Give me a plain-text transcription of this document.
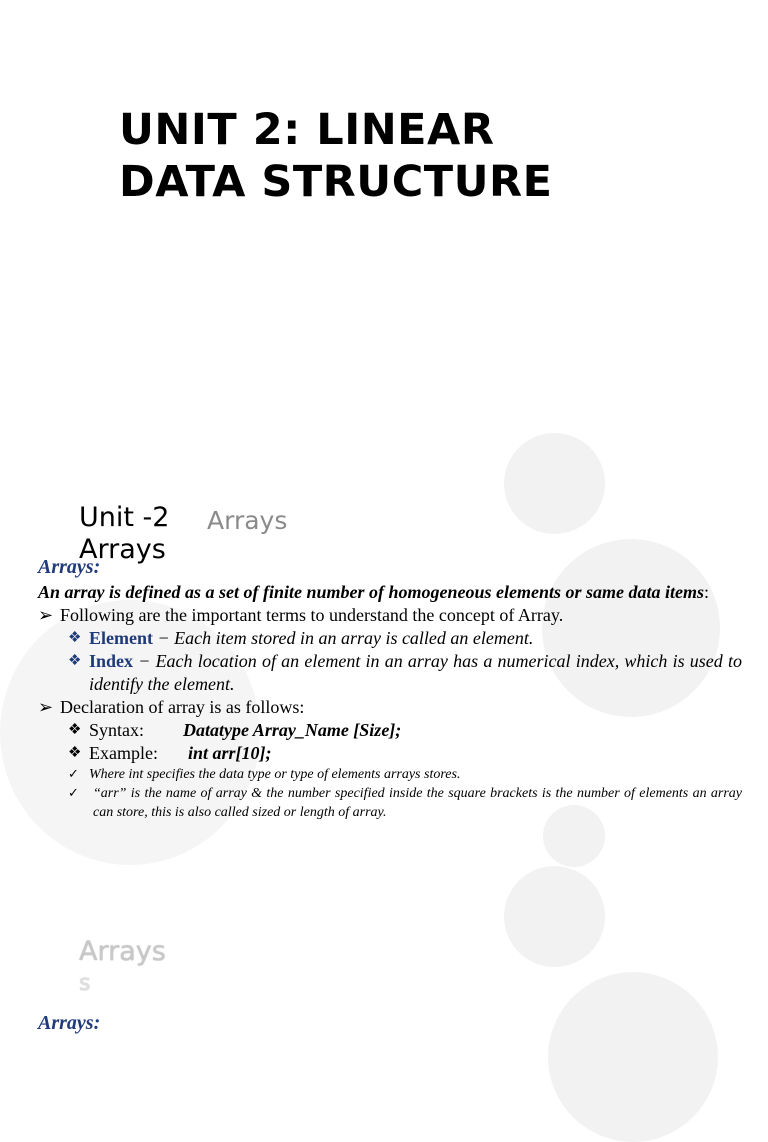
UNIT 2: LINEAR
DATA STRUCTURE
Arrays
Unit -2
Arrays

Arrays:

An array is defined as a set of finite number of homogeneous elements or same data items:

➢ Following are the important terms to understand the concept of Array.

❖ Element − Each item stored in an array is called an element.

❖ Index − Each location of an element in an array has a numerical index, which is used to identify the element.

➢ Declaration of array is as follows:

❖ Syntax: Datatype Array_Name [Size];

❖ Example: int arr[10];

✓ Where int specifies the data type or type of elements arrays stores.

✓ “arr” is the name of array & the number specified inside the square brackets is the number of elements an array can store, this is also called sized or length of array.

Arrays
s
Arrays:
